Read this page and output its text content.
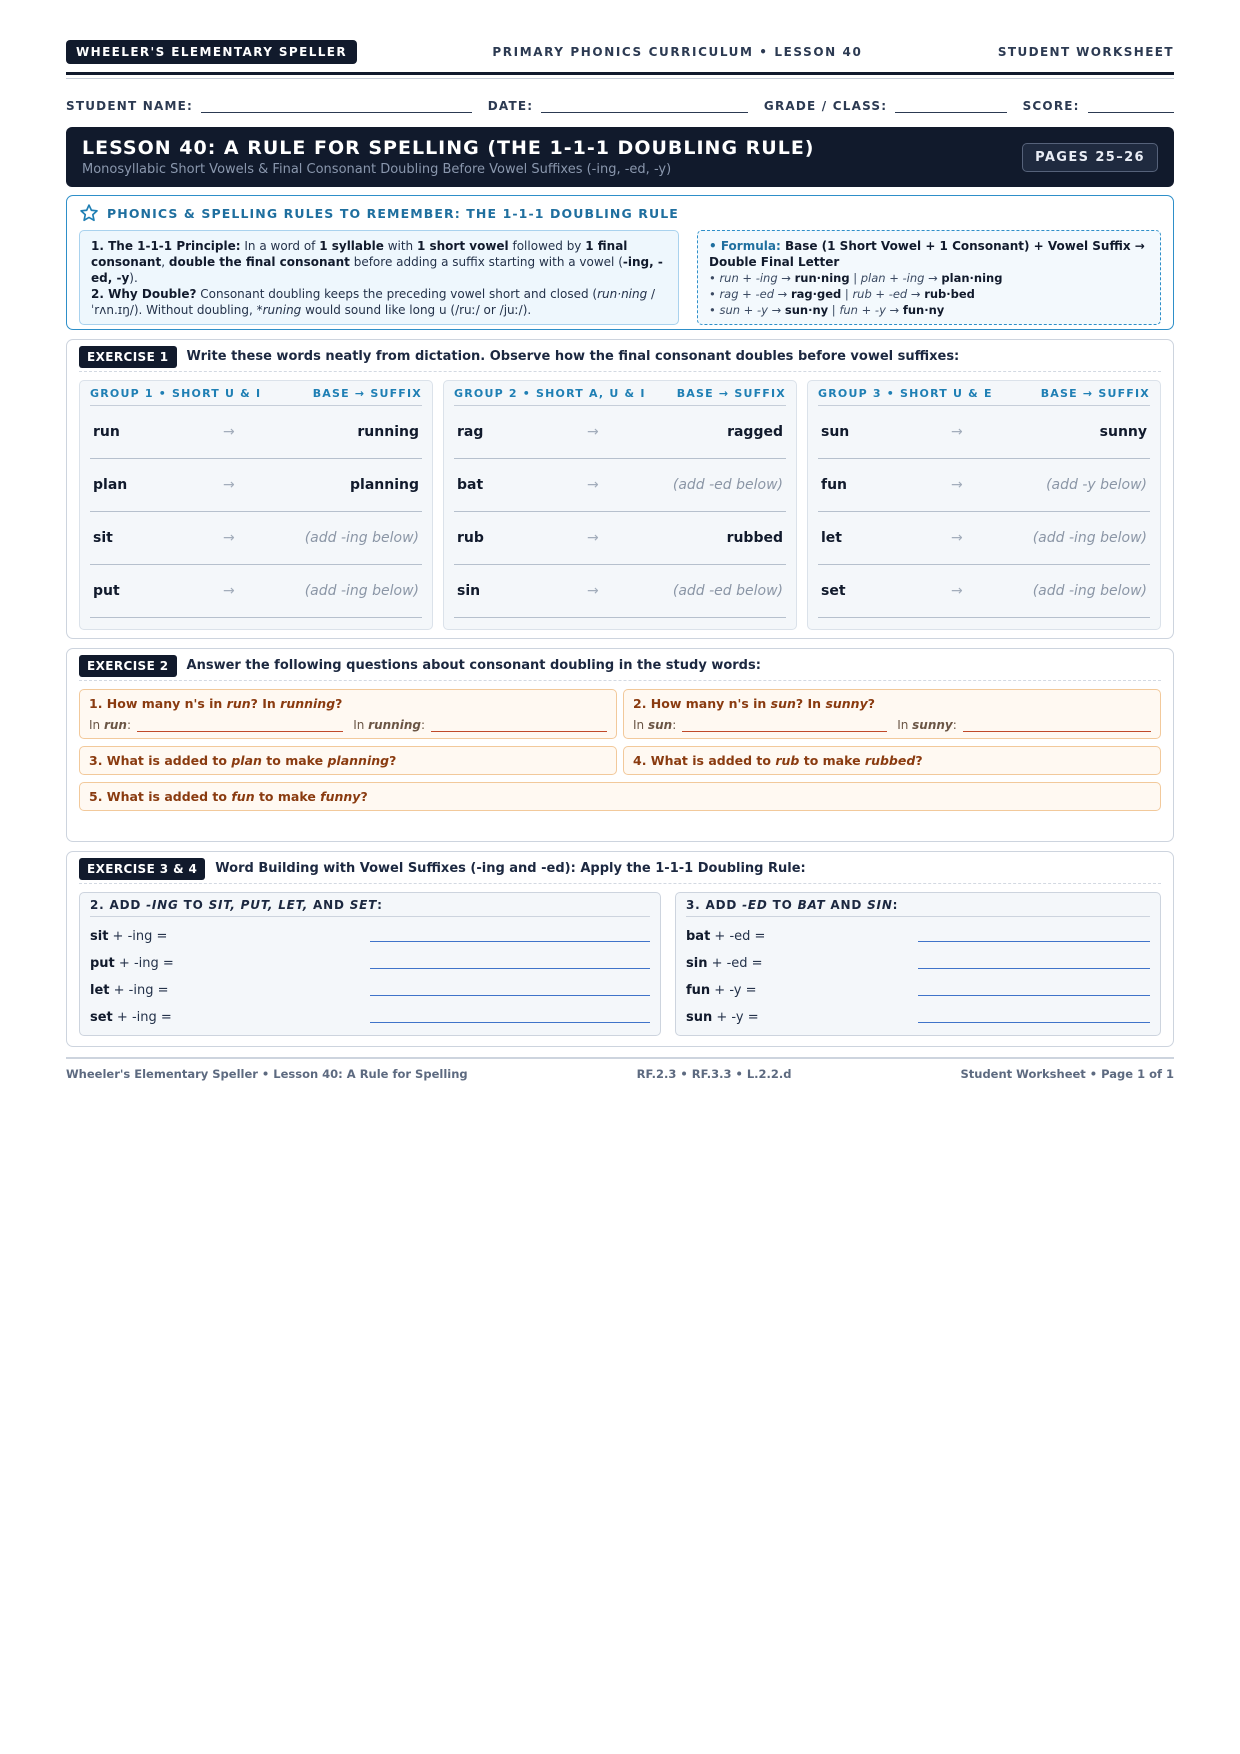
WHEELER'S ELEMENTARY SPELLER	PRIMARY PHONICS CURRICULUM • LESSON 40	STUDENT WORKSHEET
STUDENT NAME:	DATE:	GRADE / CLASS:	SCORE:
LESSON 40: A RULE FOR SPELLING (THE 1-1-1 DOUBLING RULE)
Monosyllabic Short Vowels & Final Consonant Doubling Before Vowel Suffixes (-ing, -ed, -y)
PAGES 25–26
PHONICS & SPELLING RULES TO REMEMBER: THE 1-1-1 DOUBLING RULE
1. The 1-1-1 Principle: In a word of 1 syllable with 1 short vowel followed by 1 final consonant, double the final consonant before adding a suffix starting with a vowel (-ing, -ed, -y).
2. Why Double? Consonant doubling keeps the preceding vowel short and closed (run·ning / ˈrʌn.ɪŋ/). Without doubling, *runing would sound like long u (/ruː/ or /juː/).
• Formula: Base (1 Short Vowel + 1 Consonant) + Vowel Suffix → Double Final Letter
• run + -ing → run·ning | plan + -ing → plan·ning
• rag + -ed → rag·ged | rub + -ed → rub·bed
• sun + -y → sun·ny | fun + -y → fun·ny
EXERCISE 1	Write these words neatly from dictation. Observe how the final consonant doubles before vowel suffixes:
GROUP 1 • SHORT U & I	BASE → SUFFIX
run	→	running
plan	→	planning
sit	→	(add -ing below)
put	→	(add -ing below)
GROUP 2 • SHORT A, U & I	BASE → SUFFIX
rag	→	ragged
bat	→	(add -ed below)
rub	→	rubbed
sin	→	(add -ed below)
GROUP 3 • SHORT U & E	BASE → SUFFIX
sun	→	sunny
fun	→	(add -y below)
let	→	(add -ing below)
set	→	(add -ing below)
EXERCISE 2	Answer the following questions about consonant doubling in the study words:
1. How many n's in run? In running?
In run:	In running:
2. How many n's in sun? In sunny?
In sun:	In sunny:
3. What is added to plan to make planning?	4. What is added to rub to make rubbed?
5. What is added to fun to make funny?
EXERCISE 3 & 4	Word Building with Vowel Suffixes (-ing and -ed): Apply the 1-1-1 Doubling Rule:
2. ADD -ING TO SIT, PUT, LET, AND SET:
sit + -ing =
put + -ing =
let + -ing =
set + -ing =
3. ADD -ED TO BAT AND SIN:
bat + -ed =
sin + -ed =
fun + -y =
sun + -y =
Wheeler's Elementary Speller • Lesson 40: A Rule for Spelling	RF.2.3 • RF.3.3 • L.2.2.d	Student Worksheet • Page 1 of 1
